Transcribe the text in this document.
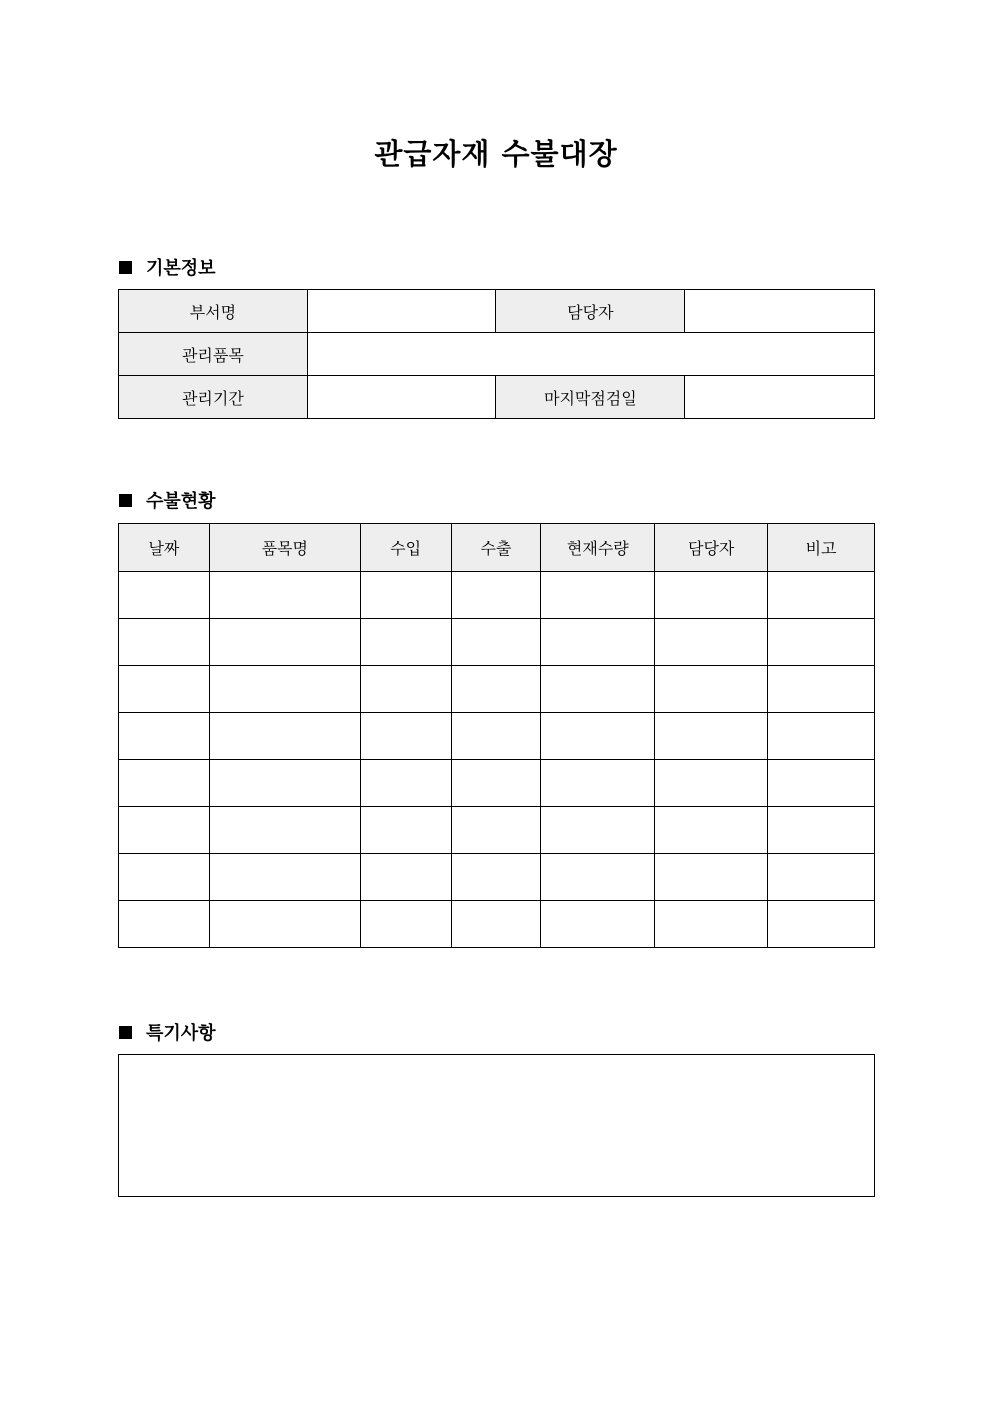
관급자재 수불대장
기본정보
부서명		담당자	
관리품목			
관리기간		마지막점검일	
수불현황
날짜	품목명	수입	수출	현재수량	담당자	비고

특기사항
